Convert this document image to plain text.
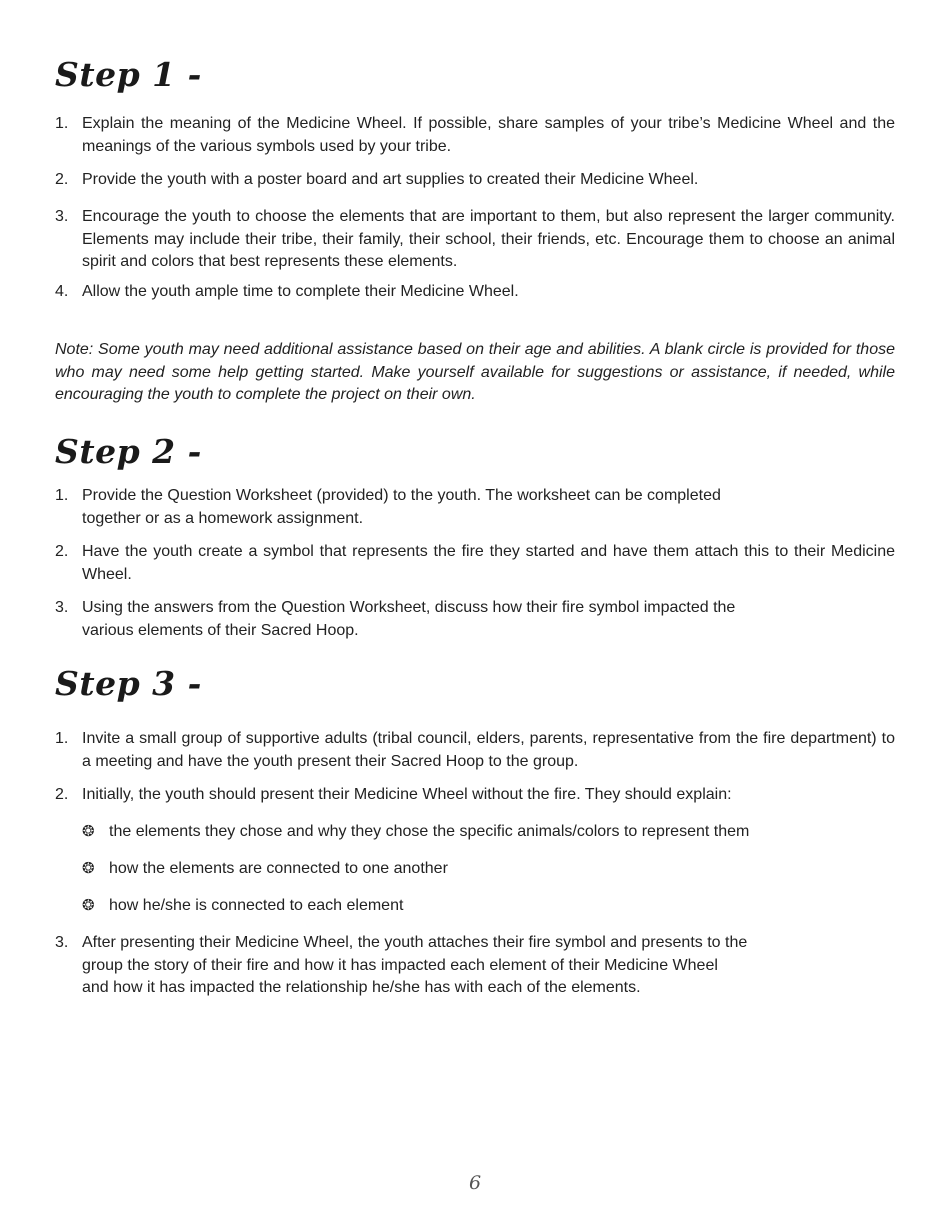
Step 1 -
1. Explain the meaning of the Medicine Wheel. If possible, share samples of your tribe’s Medicine Wheel and the meanings of the various symbols used by your tribe.
2. Provide the youth with a poster board and art supplies to created their Medicine Wheel.
3. Encourage the youth to choose the elements that are important to them, but also represent the larger community. Elements may include their tribe, their family, their school, their friends, etc. Encourage them to choose an animal spirit and colors that best represents these elements.
4. Allow the youth ample time to complete their Medicine Wheel.
Note: Some youth may need additional assistance based on their age and abilities. A blank circle is provided for those who may need some help getting started. Make yourself available for suggestions or assistance, if needed, while encouraging the youth to complete the project on their own.
Step 2 -
1. Provide the Question Worksheet (provided) to the youth. The worksheet can be completed
together or as a homework assignment.
2. Have the youth create a symbol that represents the fire they started and have them attach this to their Medicine Wheel.
3. Using the answers from the Question Worksheet, discuss how their fire symbol impacted the
various elements of their Sacred Hoop.
Step 3 -
1. Invite a small group of supportive adults (tribal council, elders, parents, representative from the fire department) to a meeting and have the youth present their Sacred Hoop to the group.
2. Initially, the youth should present their Medicine Wheel without the fire. They should explain:
❂ the elements they chose and why they chose the specific animals/colors to represent them
❂ how the elements are connected to one another
❂ how he/she is connected to each element
3. After presenting their Medicine Wheel, the youth attaches their fire symbol and presents to the
group the story of their fire and how it has impacted each element of their Medicine Wheel
and how it has impacted the relationship he/she has with each of the elements.
6
